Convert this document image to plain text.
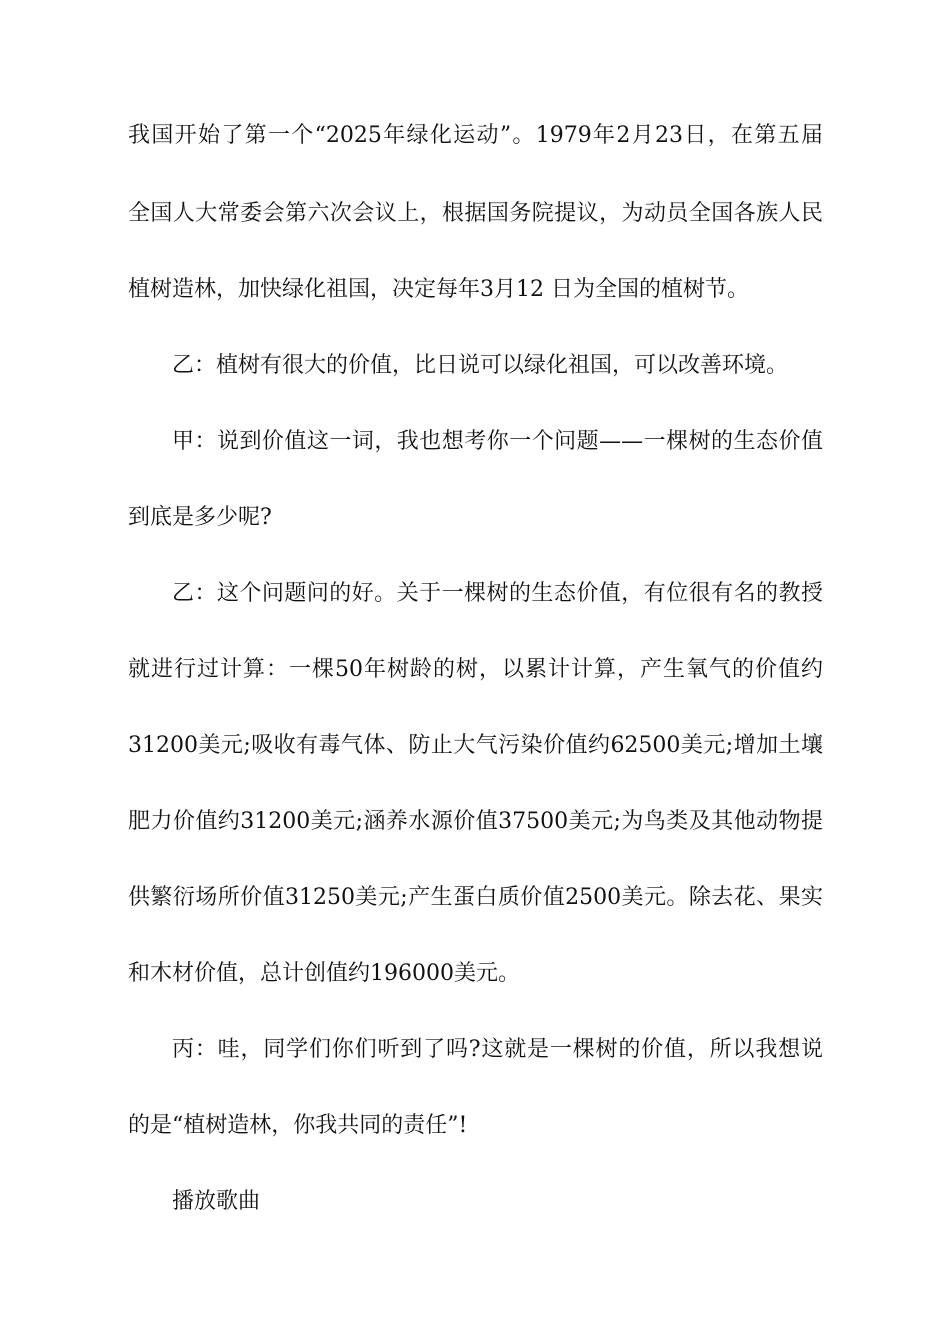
我国开始了第一个“2025年绿化运动”。1979年2月23日，在第五届
全国人大常委会第六次会议上，根据国务院提议，为动员全国各族人民
植树造林，加快绿化祖国，决定每年3月12 日为全国的植树节。
乙：植树有很大的价值，比日说可以绿化祖国，可以改善环境。
甲：说到价值这一词，我也想考你一个问题——一棵树的生态价值
到底是多少呢?
乙：这个问题问的好。关于一棵树的生态价值，有位很有名的教授
就进行过计算：一棵50年树龄的树，以累计计算，产生氧气的价值约
31200美元;吸收有毒气体、防止大气污染价值约62500美元;增加土壤
肥力价值约31200美元;涵养水源价值37500美元;为鸟类及其他动物提
供繁衍场所价值31250美元;产生蛋白质价值2500美元。除去花、果实
和木材价值，总计创值约196000美元。
丙：哇，同学们你们听到了吗?这就是一棵树的价值，所以我想说
的是“植树造林，你我共同的责任”!
播放歌曲
